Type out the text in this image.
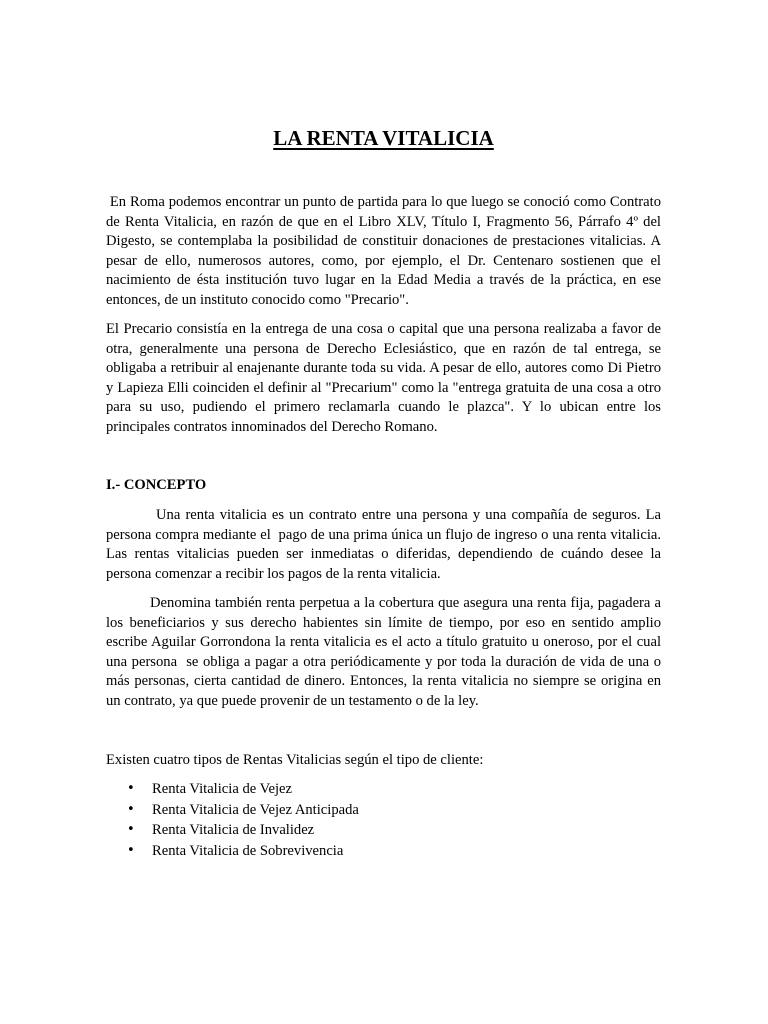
LA RENTA VITALICIA

En Roma podemos encontrar un punto de partida para lo que luego se conoció como Contrato de Renta Vitalicia, en razón de que en el Libro XLV, Título I, Fragmento 56, Párrafo 4º del Digesto, se contemplaba la posibilidad de constituir donaciones de prestaciones vitalicias. A pesar de ello, numerosos autores, como, por ejemplo, el Dr. Centenaro sostienen que el nacimiento de ésta institución tuvo lugar en la Edad Media a través de la práctica, en ese entonces, de un instituto conocido como "Precario".

El Precario consistía en la entrega de una cosa o capital que una persona realizaba a favor de otra, generalmente una persona de Derecho Eclesiástico, que en razón de tal entrega, se obligaba a retribuir al enajenante durante toda su vida. A pesar de ello, autores como Di Pietro y Lapieza Elli coinciden el definir al "Precarium" como la "entrega gratuita de una cosa a otro para su uso, pudiendo el primero reclamarla cuando le plazca". Y lo ubican entre los principales contratos innominados del Derecho Romano.

I.- CONCEPTO

Una renta vitalicia es un contrato entre una persona y una compañía de seguros. La persona compra mediante el  pago de una prima única un flujo de ingreso o una renta vitalicia. Las rentas vitalicias pueden ser inmediatas o diferidas, dependiendo de cuándo desee la persona comenzar a recibir los pagos de la renta vitalicia.

Denomina también renta perpetua a la cobertura que asegura una renta fija, pagadera a los beneficiarios y sus derecho habientes sin límite de tiempo, por eso en sentido amplio escribe Aguilar Gorrondona la renta vitalicia es el acto a título gratuito u oneroso, por el cual una persona  se obliga a pagar a otra periódicamente y por toda la duración de vida de una o más personas, cierta cantidad de dinero. Entonces, la renta vitalicia no siempre se origina en un contrato, ya que puede provenir de un testamento o de la ley.

Existen cuatro tipos de Rentas Vitalicias según el tipo de cliente:

• Renta Vitalicia de Vejez
• Renta Vitalicia de Vejez Anticipada
• Renta Vitalicia de Invalidez
• Renta Vitalicia de Sobrevivencia
